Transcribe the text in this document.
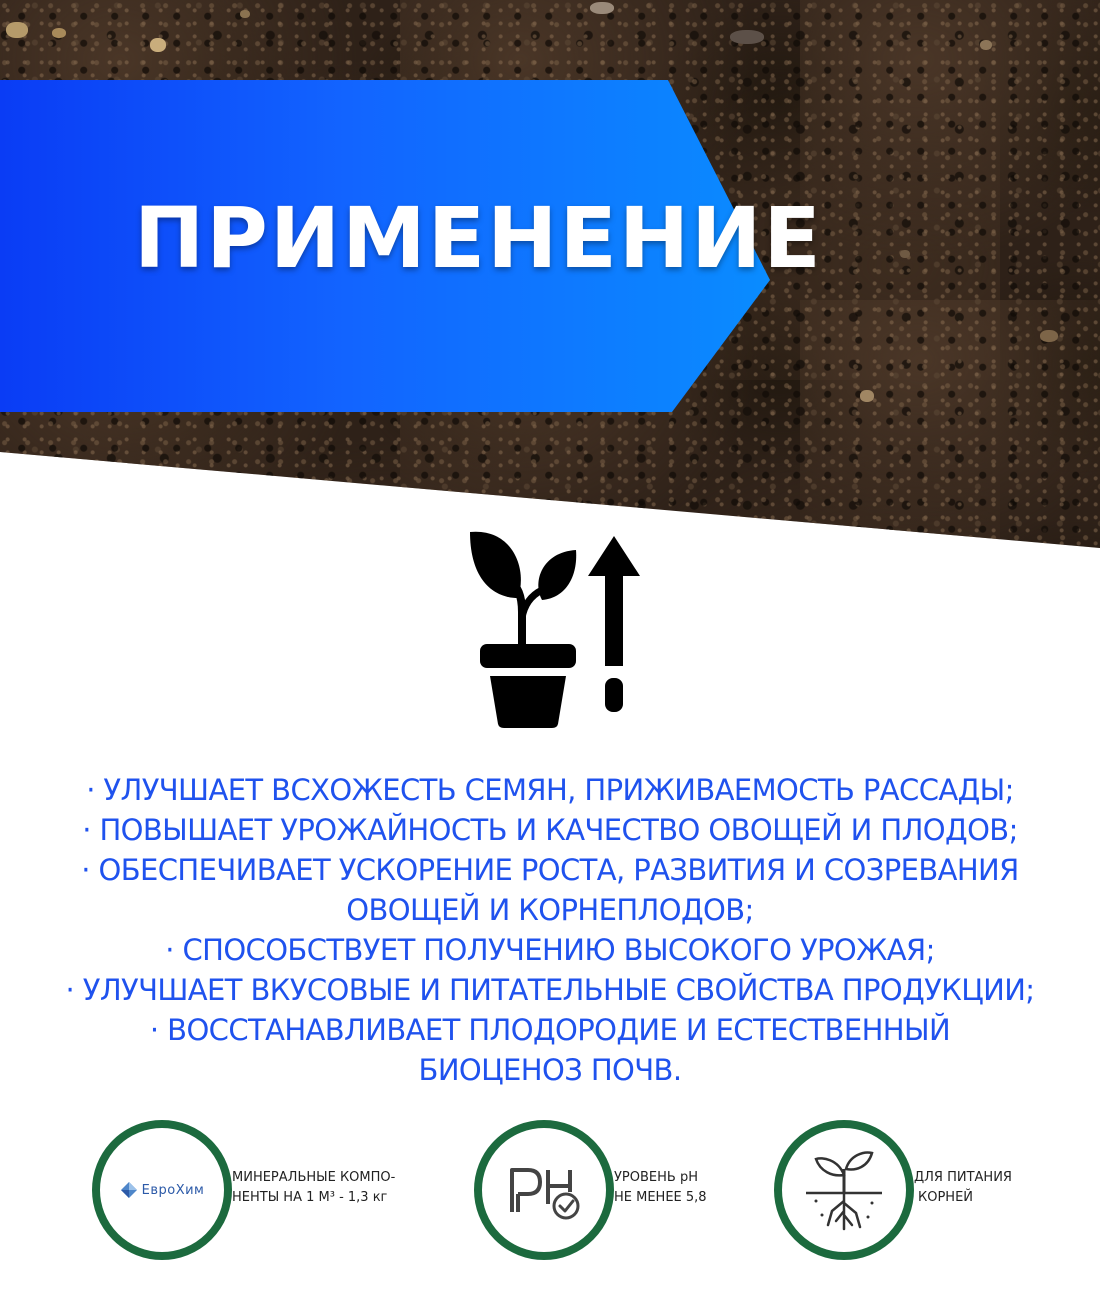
ПРИМЕНЕНИЕ
· УЛУЧШАЕТ ВСХОЖЕСТЬ СЕМЯН, ПРИЖИВАЕМОСТЬ РАССАДЫ;
· ПОВЫШАЕТ УРОЖАЙНОСТЬ И КАЧЕСТВО ОВОЩЕЙ И ПЛОДОВ;
· ОБЕСПЕЧИВАЕТ УСКОРЕНИЕ РОСТА, РАЗВИТИЯ И СОЗРЕВАНИЯ
ОВОЩЕЙ И КОРНЕПЛОДОВ;
· СПОСОБСТВУЕТ ПОЛУЧЕНИЮ ВЫСОКОГО УРОЖАЯ;
· УЛУЧШАЕТ ВКУСОВЫЕ И ПИТАТЕЛЬНЫЕ СВОЙСТВА ПРОДУКЦИИ;
· ВОССТАНАВЛИВАЕТ ПЛОДОРОДИЕ И ЕСТЕСТВЕННЫЙ
БИОЦЕНОЗ ПОЧВ.
ЕвроХим
МИНЕРАЛЬНЫЕ КОМПО-
НЕНТЫ НА 1 М³ - 1,3 кг
УРОВЕНЬ pH
НЕ МЕНЕЕ 5,8
ДЛЯ ПИТАНИЯ
КОРНЕЙ
